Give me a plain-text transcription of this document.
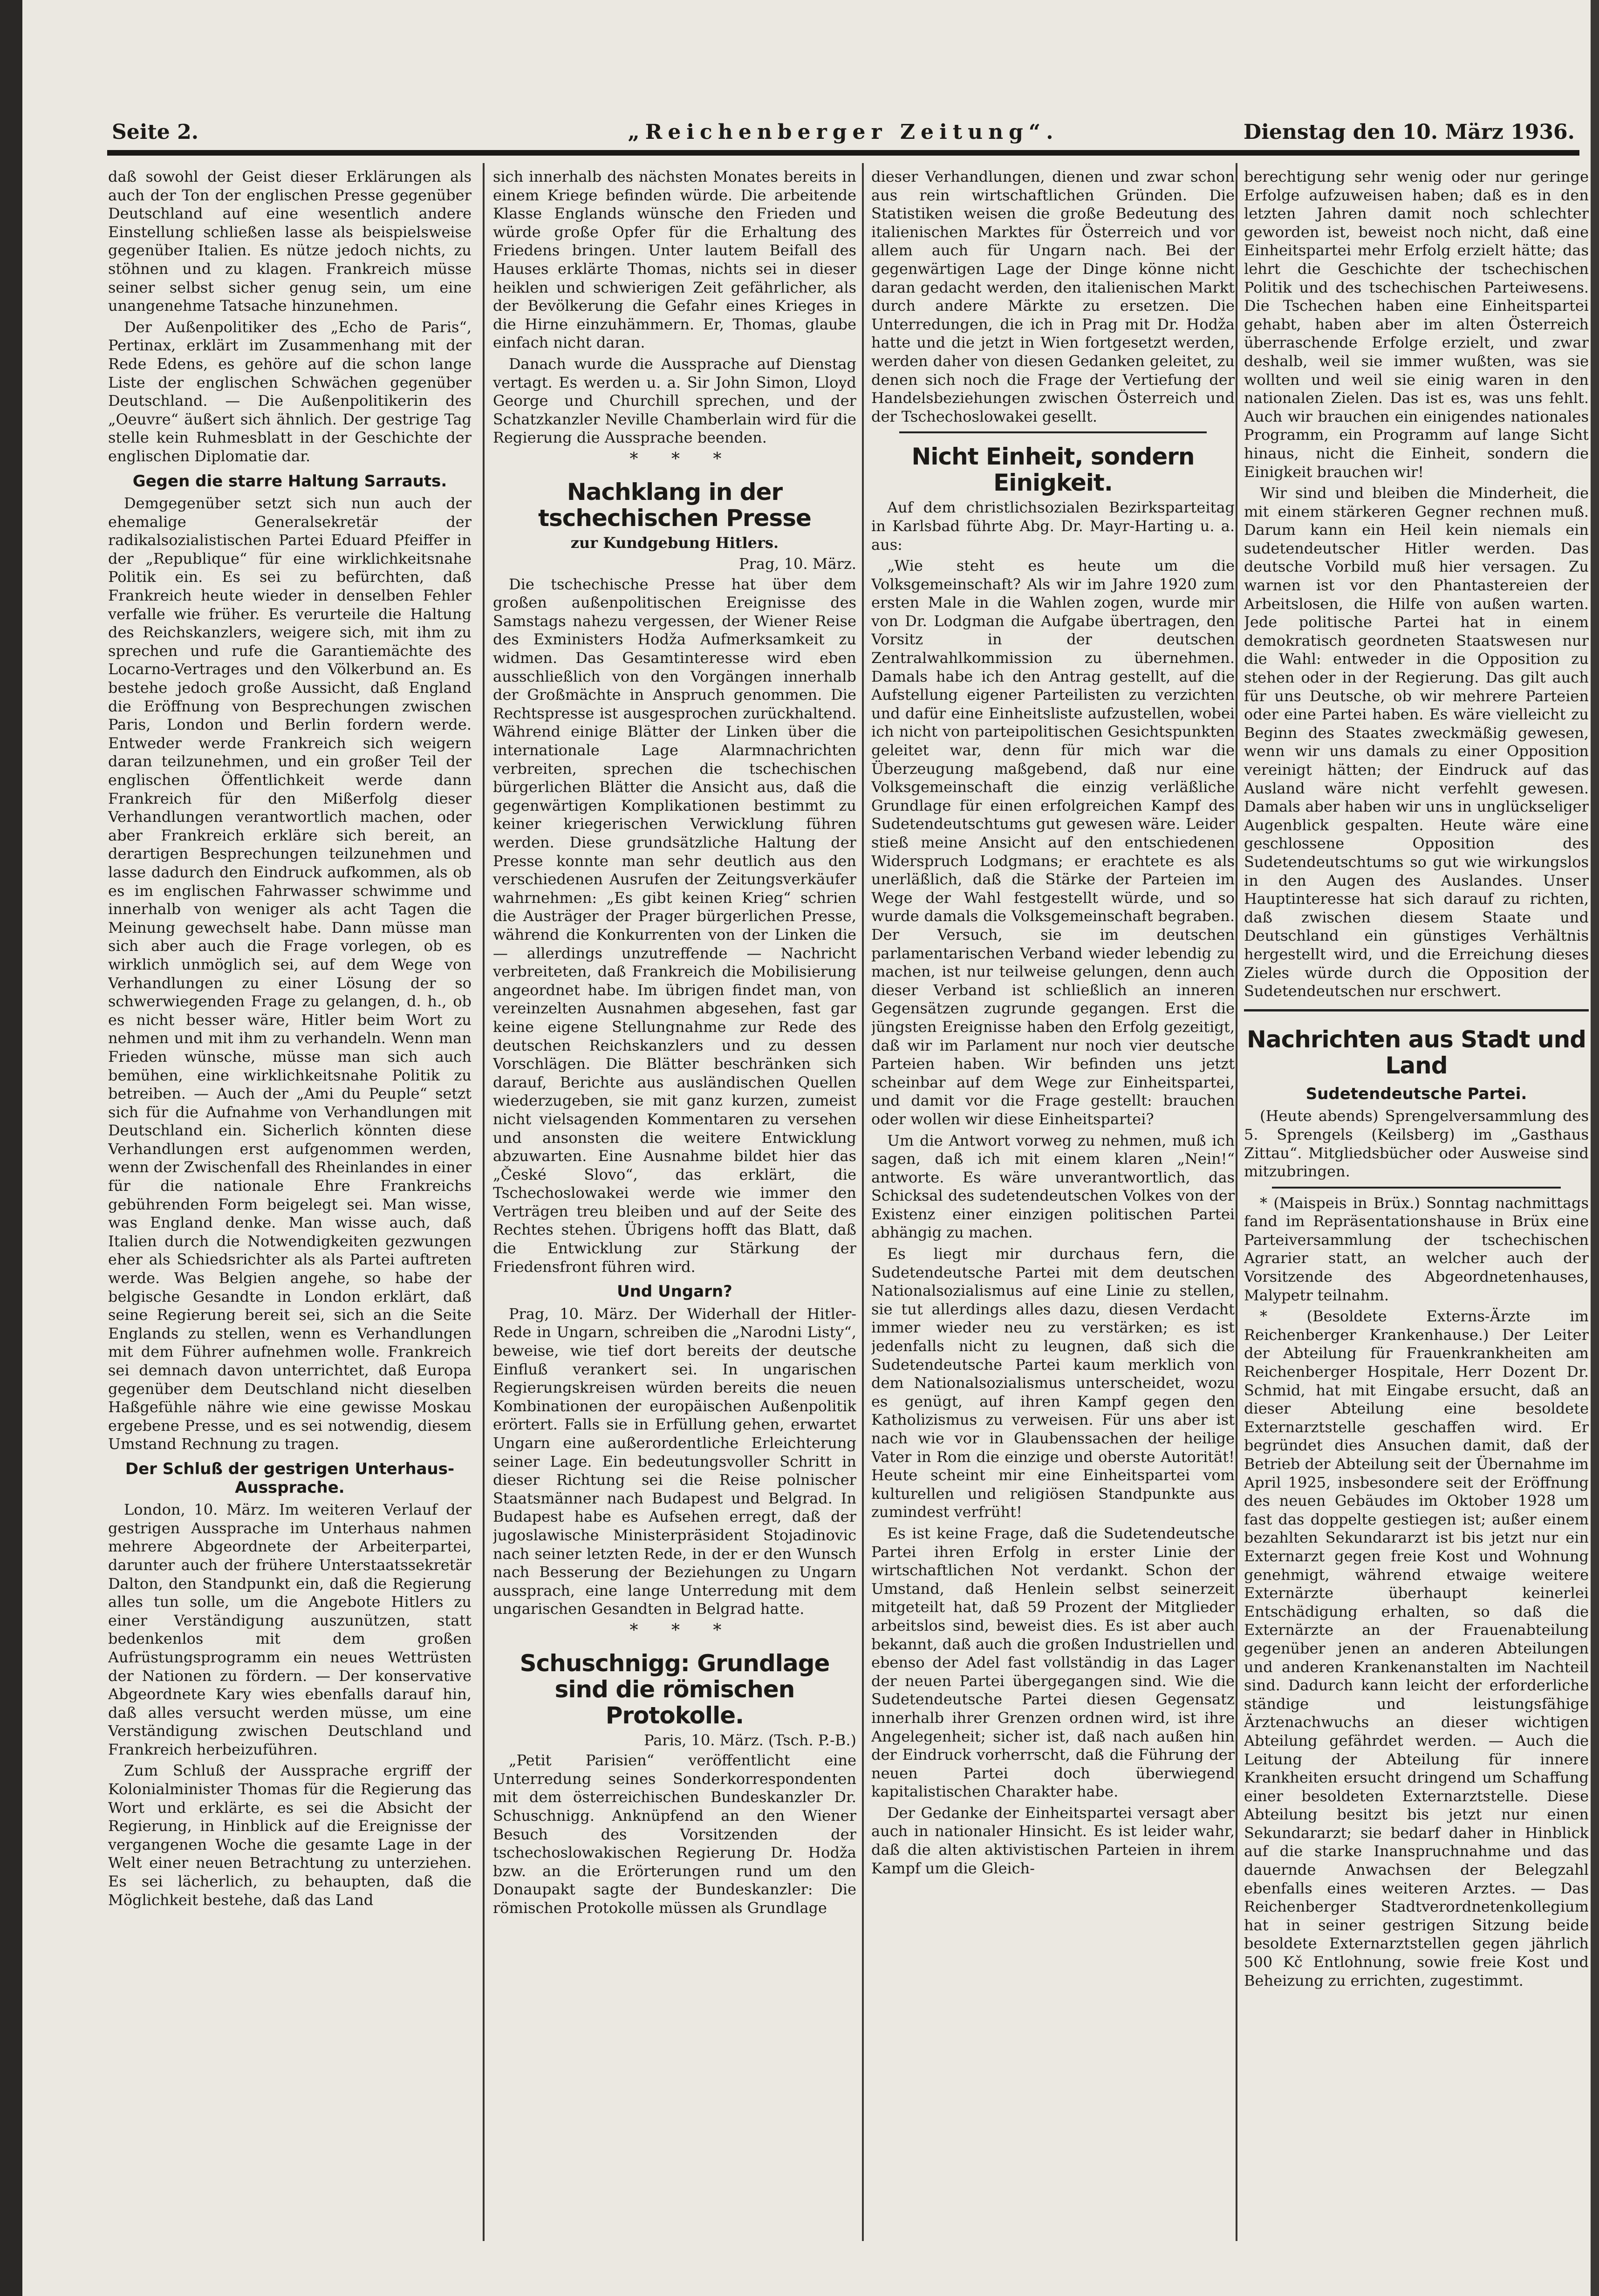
Seite 2.	„Reichenberger Zeitung“.	Dienstag den 10. März 1936.

daß sowohl der Geist dieser Erklärungen als auch der Ton der englischen Presse gegenüber Deutschland auf eine wesentlich andere Einstellung schließen lasse als beispielsweise gegenüber Italien. Es nütze jedoch nichts, zu stöhnen und zu klagen. Frankreich müsse seiner selbst sicher genug sein, um eine unangenehme Tatsache hinzunehmen.

Der Außenpolitiker des „Echo de Paris“, Pertinax, erklärt im Zusammenhang mit der Rede Edens, es gehöre auf die schon lange Liste der englischen Schwächen gegenüber Deutschland. — Die Außenpolitikerin des „Oeuvre“ äußert sich ähnlich. Der gestrige Tag stelle kein Ruhmesblatt in der Geschichte der englischen Diplomatie dar.

Gegen die starre Haltung Sarrauts.

Demgegenüber setzt sich nun auch der ehemalige Generalsekretär der radikalsozialistischen Partei Eduard Pfeiffer in der „Republique“ für eine wirklichkeitsnahe Politik ein. Es sei zu befürchten, daß Frankreich heute wieder in denselben Fehler verfalle wie früher. Es verurteile die Haltung des Reichskanzlers, weigere sich, mit ihm zu sprechen und rufe die Garantiemächte des Locarno-Vertrages und den Völkerbund an. Es bestehe jedoch große Aussicht, daß England die Eröffnung von Besprechungen zwischen Paris, London und Berlin fordern werde. Entweder werde Frankreich sich weigern daran teilzunehmen, und ein großer Teil der englischen Öffentlichkeit werde dann Frankreich für den Mißerfolg dieser Verhandlungen verantwortlich machen, oder aber Frankreich erkläre sich bereit, an derartigen Besprechungen teilzunehmen und lasse dadurch den Eindruck aufkommen, als ob es im englischen Fahrwasser schwimme und innerhalb von weniger als acht Tagen die Meinung gewechselt habe. Dann müsse man sich aber auch die Frage vorlegen, ob es wirklich unmöglich sei, auf dem Wege von Verhandlungen zu einer Lösung der so schwerwiegenden Frage zu gelangen, d. h., ob es nicht besser wäre, Hitler beim Wort zu nehmen und mit ihm zu verhandeln. Wenn man Frieden wünsche, müsse man sich auch bemühen, eine wirklichkeitsnahe Politik zu betreiben. — Auch der „Ami du Peuple“ setzt sich für die Aufnahme von Verhandlungen mit Deutschland ein. Sicherlich könnten diese Verhandlungen erst aufgenommen werden, wenn der Zwischenfall des Rheinlandes in einer für die nationale Ehre Frankreichs gebührenden Form beigelegt sei. Man wisse, was England denke. Man wisse auch, daß Italien durch die Notwendigkeiten gezwungen eher als Schiedsrichter als als Partei auftreten werde. Was Belgien angehe, so habe der belgische Gesandte in London erklärt, daß seine Regierung bereit sei, sich an die Seite Englands zu stellen, wenn es Verhandlungen mit dem Führer aufnehmen wolle. Frankreich sei demnach davon unterrichtet, daß Europa gegenüber dem Deutschland nicht dieselben Haßgefühle nähre wie eine gewisse Moskau ergebene Presse, und es sei notwendig, diesem Umstand Rechnung zu tragen.

Der Schluß der gestrigen Unterhaus-Aussprache.

London, 10. März. Im weiteren Verlauf der gestrigen Aussprache im Unterhaus nahmen mehrere Abgeordnete der Arbeiterpartei, darunter auch der frühere Unterstaatssekretär Dalton, den Standpunkt ein, daß die Regierung alles tun solle, um die Angebote Hitlers zu einer Verständigung auszunützen, statt bedenkenlos mit dem großen Aufrüstungsprogramm ein neues Wettrüsten der Nationen zu fördern. — Der konservative Abgeordnete Kary wies ebenfalls darauf hin, daß alles versucht werden müsse, um eine Verständigung zwischen Deutschland und Frankreich herbeizuführen.

Zum Schluß der Aussprache ergriff der Kolonialminister Thomas für die Regierung das Wort und erklärte, es sei die Absicht der Regierung, in Hinblick auf die Ereignisse der vergangenen Woche die gesamte Lage in der Welt einer neuen Betrachtung zu unterziehen. Es sei lächerlich, zu behaupten, daß die Möglichkeit bestehe, daß das Land

sich innerhalb des nächsten Monates bereits in einem Kriege befinden würde. Die arbeitende Klasse Englands wünsche den Frieden und würde große Opfer für die Erhaltung des Friedens bringen. Unter lautem Beifall des Hauses erklärte Thomas, nichts sei in dieser heiklen und schwierigen Zeit gefährlicher, als der Bevölkerung die Gefahr eines Krieges in die Hirne einzuhämmern. Er, Thomas, glaube einfach nicht daran.

Danach wurde die Aussprache auf Dienstag vertagt. Es werden u. a. Sir John Simon, Lloyd George und Churchill sprechen, und der Schatzkanzler Neville Chamberlain wird für die Regierung die Aussprache beenden.

* * *

Nachklang in der tschechischen Presse

zur Kundgebung Hitlers.

Prag, 10. März.

Die tschechische Presse hat über dem großen außenpolitischen Ereignisse des Samstags nahezu vergessen, der Wiener Reise des Exministers Hodža Aufmerksamkeit zu widmen. Das Gesamtinteresse wird eben ausschließlich von den Vorgängen innerhalb der Großmächte in Anspruch genommen. Die Rechtspresse ist ausgesprochen zurückhaltend. Während einige Blätter der Linken über die internationale Lage Alarmnachrichten verbreiten, sprechen die tschechischen bürgerlichen Blätter die Ansicht aus, daß die gegenwärtigen Komplikationen bestimmt zu keiner kriegerischen Verwicklung führen werden. Diese grundsätzliche Haltung der Presse konnte man sehr deutlich aus den verschiedenen Ausrufen der Zeitungsverkäufer wahrnehmen: „Es gibt keinen Krieg“ schrien die Austräger der Prager bürgerlichen Presse, während die Konkurrenten von der Linken die — allerdings unzutreffende — Nachricht verbreiteten, daß Frankreich die Mobilisierung angeordnet habe. Im übrigen findet man, von vereinzelten Ausnahmen abgesehen, fast gar keine eigene Stellungnahme zur Rede des deutschen Reichskanzlers und zu dessen Vorschlägen. Die Blätter beschränken sich darauf, Berichte aus ausländischen Quellen wiederzugeben, sie mit ganz kurzen, zumeist nicht vielsagenden Kommentaren zu versehen und ansonsten die weitere Entwicklung abzuwarten. Eine Ausnahme bildet hier das „České Slovo“, das erklärt, die Tschechoslowakei werde wie immer den Verträgen treu bleiben und auf der Seite des Rechtes stehen. Übrigens hofft das Blatt, daß die Entwicklung zur Stärkung der Friedensfront führen wird.

Und Ungarn?

Prag, 10. März. Der Widerhall der Hitler-Rede in Ungarn, schreiben die „Narodni Listy“, beweise, wie tief dort bereits der deutsche Einfluß verankert sei. In ungarischen Regierungskreisen würden bereits die neuen Kombinationen der europäischen Außenpolitik erörtert. Falls sie in Erfüllung gehen, erwartet Ungarn eine außerordentliche Erleichterung seiner Lage. Ein bedeutungsvoller Schritt in dieser Richtung sei die Reise polnischer Staatsmänner nach Budapest und Belgrad. In Budapest habe es Aufsehen erregt, daß der jugoslawische Ministerpräsident Stojadinovic nach seiner letzten Rede, in der er den Wunsch nach Besserung der Beziehungen zu Ungarn aussprach, eine lange Unterredung mit dem ungarischen Gesandten in Belgrad hatte.

* * *

Schuschnigg: Grundlage sind die römischen Protokolle.

Paris, 10. März. (Tsch. P.-B.)

„Petit Parisien“ veröffentlicht eine Unterredung seines Sonderkorrespondenten mit dem österreichischen Bundeskanzler Dr. Schuschnigg. Anknüpfend an den Wiener Besuch des Vorsitzenden der tschechoslowakischen Regierung Dr. Hodža bzw. an die Erörterungen rund um den Donaupakt sagte der Bundeskanzler: Die römischen Protokolle müssen als Grundlage

dieser Verhandlungen, dienen und zwar schon aus rein wirtschaftlichen Gründen. Die Statistiken weisen die große Bedeutung des italienischen Marktes für Österreich und vor allem auch für Ungarn nach. Bei der gegenwärtigen Lage der Dinge könne nicht daran gedacht werden, den italienischen Markt durch andere Märkte zu ersetzen. Die Unterredungen, die ich in Prag mit Dr. Hodža hatte und die jetzt in Wien fortgesetzt werden, werden daher von diesen Gedanken geleitet, zu denen sich noch die Frage der Vertiefung der Handelsbeziehungen zwischen Österreich und der Tschechoslowakei gesellt.

Nicht Einheit, sondern Einigkeit.

Auf dem christlichsozialen Bezirksparteitag in Karlsbad führte Abg. Dr. Mayr-Harting u. a. aus:

„Wie steht es heute um die Volksgemeinschaft? Als wir im Jahre 1920 zum ersten Male in die Wahlen zogen, wurde mir von Dr. Lodgman die Aufgabe übertragen, den Vorsitz in der deutschen Zentralwahlkommission zu übernehmen. Damals habe ich den Antrag gestellt, auf die Aufstellung eigener Parteilisten zu verzichten und dafür eine Einheitsliste aufzustellen, wobei ich nicht von parteipolitischen Gesichtspunkten geleitet war, denn für mich war die Überzeugung maßgebend, daß nur eine Volksgemeinschaft die einzig verläßliche Grundlage für einen erfolgreichen Kampf des Sudetendeutschtums gut gewesen wäre. Leider stieß meine Ansicht auf den entschiedenen Widerspruch Lodgmans; er erachtete es als unerläßlich, daß die Stärke der Parteien im Wege der Wahl festgestellt würde, und so wurde damals die Volksgemeinschaft begraben. Der Versuch, sie im deutschen parlamentarischen Verband wieder lebendig zu machen, ist nur teilweise gelungen, denn auch dieser Verband ist schließlich an inneren Gegensätzen zugrunde gegangen. Erst die jüngsten Ereignisse haben den Erfolg gezeitigt, daß wir im Parlament nur noch vier deutsche Parteien haben. Wir befinden uns jetzt scheinbar auf dem Wege zur Einheitspartei, und damit vor die Frage gestellt: brauchen oder wollen wir diese Einheitspartei?

Um die Antwort vorweg zu nehmen, muß ich sagen, daß ich mit einem klaren „Nein!“ antworte. Es wäre unverantwortlich, das Schicksal des sudetendeutschen Volkes von der Existenz einer einzigen politischen Partei abhängig zu machen.

Es liegt mir durchaus fern, die Sudetendeutsche Partei mit dem deutschen Nationalsozialismus auf eine Linie zu stellen, sie tut allerdings alles dazu, diesen Verdacht immer wieder neu zu verstärken; es ist jedenfalls nicht zu leugnen, daß sich die Sudetendeutsche Partei kaum merklich von dem Nationalsozialismus unterscheidet, wozu es genügt, auf ihren Kampf gegen den Katholizismus zu verweisen. Für uns aber ist nach wie vor in Glaubenssachen der heilige Vater in Rom die einzige und oberste Autorität! Heute scheint mir eine Einheitspartei vom kulturellen und religiösen Standpunkte aus zumindest verfrüht!

Es ist keine Frage, daß die Sudetendeutsche Partei ihren Erfolg in erster Linie der wirtschaftlichen Not verdankt. Schon der Umstand, daß Henlein selbst seinerzeit mitgeteilt hat, daß 59 Prozent der Mitglieder arbeitslos sind, beweist dies. Es ist aber auch bekannt, daß auch die großen Industriellen und ebenso der Adel fast vollständig in das Lager der neuen Partei übergegangen sind. Wie die Sudetendeutsche Partei diesen Gegensatz innerhalb ihrer Grenzen ordnen wird, ist ihre Angelegenheit; sicher ist, daß nach außen hin der Eindruck vorherrscht, daß die Führung der neuen Partei doch überwiegend kapitalistischen Charakter habe.

Der Gedanke der Einheitspartei versagt aber auch in nationaler Hinsicht. Es ist leider wahr, daß die alten aktivistischen Parteien in ihrem Kampf um die Gleich-

berechtigung sehr wenig oder nur geringe Erfolge aufzuweisen haben; daß es in den letzten Jahren damit noch schlechter geworden ist, beweist noch nicht, daß eine Einheitspartei mehr Erfolg erzielt hätte; das lehrt die Geschichte der tschechischen Politik und des tschechischen Parteiwesens. Die Tschechen haben eine Einheitspartei gehabt, haben aber im alten Österreich überraschende Erfolge erzielt, und zwar deshalb, weil sie immer wußten, was sie wollten und weil sie einig waren in den nationalen Zielen. Das ist es, was uns fehlt. Auch wir brauchen ein einigendes nationales Programm, ein Programm auf lange Sicht hinaus, nicht die Einheit, sondern die Einigkeit brauchen wir!

Wir sind und bleiben die Minderheit, die mit einem stärkeren Gegner rechnen muß. Darum kann ein Heil kein niemals ein sudetendeutscher Hitler werden. Das deutsche Vorbild muß hier versagen. Zu warnen ist vor den Phantastereien der Arbeitslosen, die Hilfe von außen warten. Jede politische Partei hat in einem demokratisch geordneten Staatswesen nur die Wahl: entweder in die Opposition zu stehen oder in der Regierung. Das gilt auch für uns Deutsche, ob wir mehrere Parteien oder eine Partei haben. Es wäre vielleicht zu Beginn des Staates zweckmäßig gewesen, wenn wir uns damals zu einer Opposition vereinigt hätten; der Eindruck auf das Ausland wäre nicht verfehlt gewesen. Damals aber haben wir uns in unglückseliger Augenblick gespalten. Heute wäre eine geschlossene Opposition des Sudetendeutschtums so gut wie wirkungslos in den Augen des Auslandes. Unser Hauptinteresse hat sich darauf zu richten, daß zwischen diesem Staate und Deutschland ein günstiges Verhältnis hergestellt wird, und die Erreichung dieses Zieles würde durch die Opposition der Sudetendeutschen nur erschwert.

Nachrichten aus Stadt und Land
Sudetendeutsche Partei.

(Heute abends) Sprengelversammlung des 5. Sprengels (Keilsberg) im „Gasthaus Zittau“. Mitgliedsbücher oder Ausweise sind mitzubringen.

* (Maispeis in Brüx.) Sonntag nachmittags fand im Repräsentationshause in Brüx eine Parteiversammlung der tschechischen Agrarier statt, an welcher auch der Vorsitzende des Abgeordnetenhauses, Malypetr teilnahm.

* (Besoldete Externs-Ärzte im Reichenberger Krankenhause.) Der Leiter der Abteilung für Frauenkrankheiten am Reichenberger Hospitale, Herr Dozent Dr. Schmid, hat mit Eingabe ersucht, daß an dieser Abteilung eine besoldete Externarztstelle geschaffen wird. Er begründet dies Ansuchen damit, daß der Betrieb der Abteilung seit der Übernahme im April 1925, insbesondere seit der Eröffnung des neuen Gebäudes im Oktober 1928 um fast das doppelte gestiegen ist; außer einem bezahlten Sekundararzt ist bis jetzt nur ein Externarzt gegen freie Kost und Wohnung genehmigt, während etwaige weitere Externärzte überhaupt keinerlei Entschädigung erhalten, so daß die Externärzte an der Frauenabteilung gegenüber jenen an anderen Abteilungen und anderen Krankenanstalten im Nachteil sind. Dadurch kann leicht der erforderliche ständige und leistungsfähige Ärztenachwuchs an dieser wichtigen Abteilung gefährdet werden. — Auch die Leitung der Abteilung für innere Krankheiten ersucht dringend um Schaffung einer besoldeten Externarztstelle. Diese Abteilung besitzt bis jetzt nur einen Sekundararzt; sie bedarf daher in Hinblick auf die starke Inanspruchnahme und das dauernde Anwachsen der Belegzahl ebenfalls eines weiteren Arztes. — Das Reichenberger Stadtverordnetenkollegium hat in seiner gestrigen Sitzung beide besoldete Externarztstellen gegen jährlich 500 Kč Entlohnung, sowie freie Kost und Beheizung zu errichten, zugestimmt.
